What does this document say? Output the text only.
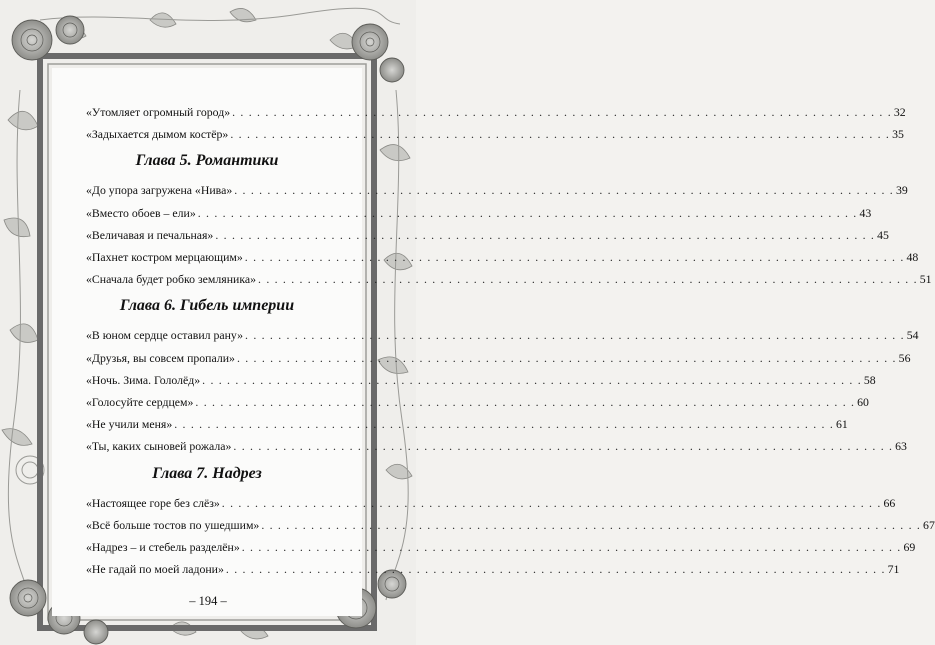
«Утомляет огромный город» . . . . . . . . . . . . . . . . . . . . . . . . . . . . . . . . . . . . . . . . . . . . . . . . . . . . . . . . . . . . . . . . . . . . . . . . . . . . . . . . 32
«Задыхается дымом костёр» . . . . . . . . . . . . . . . . . . . . . . . . . . . . . . . . . . . . . . . . . . . . . . . . . . . . . . . . . . . . . . . . . . . . . . . . . . . . . . . . 35
Глава 5. Романтики
«До упора загружена «Нива» . . . . . . . . . . . . . . . . . . . . . . . . . . . . . . . . . . . . . . . . . . . . . . . . . . . . . . . . . . . . . . . . . . . . . . . . . . . . . . . . 39
«Вместо обоев – ели» . . . . . . . . . . . . . . . . . . . . . . . . . . . . . . . . . . . . . . . . . . . . . . . . . . . . . . . . . . . . . . . . . . . . . . . . . . . . . . . . 43
«Величавая и печальная» . . . . . . . . . . . . . . . . . . . . . . . . . . . . . . . . . . . . . . . . . . . . . . . . . . . . . . . . . . . . . . . . . . . . . . . . . . . . . . . . 45
«Пахнет костром мерцающим» . . . . . . . . . . . . . . . . . . . . . . . . . . . . . . . . . . . . . . . . . . . . . . . . . . . . . . . . . . . . . . . . . . . . . . . . . . . . . . . . 48
«Сначала будет робко земляника» . . . . . . . . . . . . . . . . . . . . . . . . . . . . . . . . . . . . . . . . . . . . . . . . . . . . . . . . . . . . . . . . . . . . . . . . . . . . . . . . 51
Глава 6. Гибель империи
«В юном сердце оставил рану» . . . . . . . . . . . . . . . . . . . . . . . . . . . . . . . . . . . . . . . . . . . . . . . . . . . . . . . . . . . . . . . . . . . . . . . . . . . . . . . . 54
«Друзья, вы совсем пропали» . . . . . . . . . . . . . . . . . . . . . . . . . . . . . . . . . . . . . . . . . . . . . . . . . . . . . . . . . . . . . . . . . . . . . . . . . . . . . . . . 56
«Ночь. Зима. Гололёд» . . . . . . . . . . . . . . . . . . . . . . . . . . . . . . . . . . . . . . . . . . . . . . . . . . . . . . . . . . . . . . . . . . . . . . . . . . . . . . . . 58
«Голосуйте сердцем» . . . . . . . . . . . . . . . . . . . . . . . . . . . . . . . . . . . . . . . . . . . . . . . . . . . . . . . . . . . . . . . . . . . . . . . . . . . . . . . . 60
«Не учили меня» . . . . . . . . . . . . . . . . . . . . . . . . . . . . . . . . . . . . . . . . . . . . . . . . . . . . . . . . . . . . . . . . . . . . . . . . . . . . . . . . 61
«Ты, каких сыновей рожала» . . . . . . . . . . . . . . . . . . . . . . . . . . . . . . . . . . . . . . . . . . . . . . . . . . . . . . . . . . . . . . . . . . . . . . . . . . . . . . . . 63
Глава 7. Надрез
«Настоящее горе без слёз» . . . . . . . . . . . . . . . . . . . . . . . . . . . . . . . . . . . . . . . . . . . . . . . . . . . . . . . . . . . . . . . . . . . . . . . . . . . . . . . . 66
«Всё больше тостов по ушедшим» . . . . . . . . . . . . . . . . . . . . . . . . . . . . . . . . . . . . . . . . . . . . . . . . . . . . . . . . . . . . . . . . . . . . . . . . . . . . . . . . 67
«Надрез – и стебель разделён» . . . . . . . . . . . . . . . . . . . . . . . . . . . . . . . . . . . . . . . . . . . . . . . . . . . . . . . . . . . . . . . . . . . . . . . . . . . . . . . . 69
«Не гадай по моей ладони» . . . . . . . . . . . . . . . . . . . . . . . . . . . . . . . . . . . . . . . . . . . . . . . . . . . . . . . . . . . . . . . . . . . . . . . . . . . . . . . . 71
– 194 –
